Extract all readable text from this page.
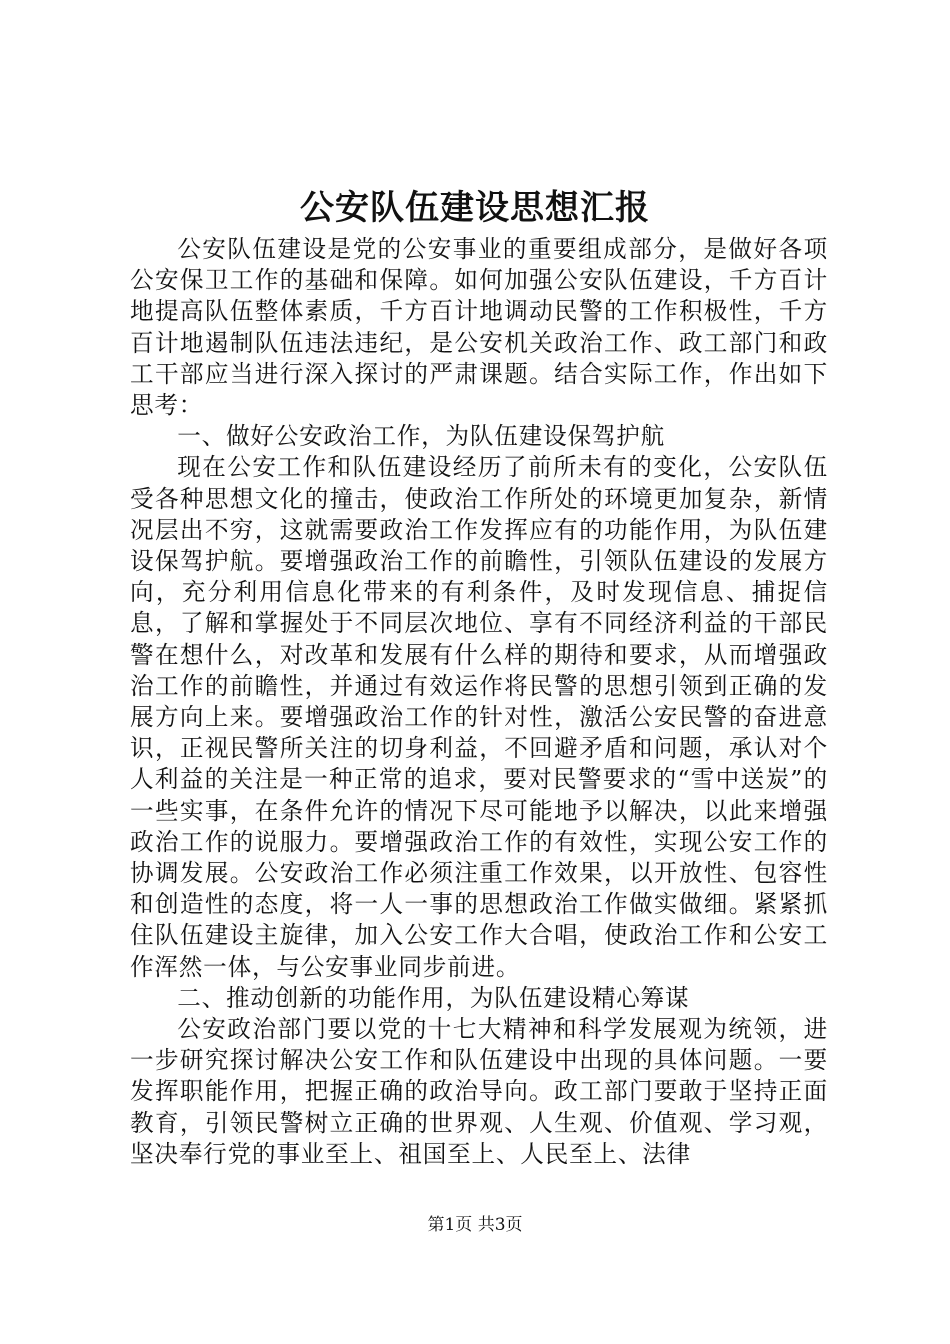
公安队伍建设思想汇报

公安队伍建设是党的公安事业的重要组成部分，是做好各项公安保卫工作的基础和保障。如何加强公安队伍建设，千方百计地提高队伍整体素质，千方百计地调动民警的工作积极性，千方百计地遏制队伍违法违纪，是公安机关政治工作、政工部门和政工干部应当进行深入探讨的严肃课题。结合实际工作，作出如下思考：

一、做好公安政治工作，为队伍建设保驾护航

现在公安工作和队伍建设经历了前所未有的变化，公安队伍受各种思想文化的撞击，使政治工作所处的环境更加复杂，新情况层出不穷，这就需要政治工作发挥应有的功能作用，为队伍建设保驾护航。要增强政治工作的前瞻性，引领队伍建设的发展方向，充分利用信息化带来的有利条件，及时发现信息、捕捉信息，了解和掌握处于不同层次地位、享有不同经济利益的干部民警在想什么，对改革和发展有什么样的期待和要求，从而增强政治工作的前瞻性，并通过有效运作将民警的思想引领到正确的发展方向上来。要增强政治工作的针对性，激活公安民警的奋进意识，正视民警所关注的切身利益，不回避矛盾和问题，承认对个人利益的关注是一种正常的追求，要对民警要求的“雪中送炭”的一些实事，在条件允许的情况下尽可能地予以解决，以此来增强政治工作的说服力。要增强政治工作的有效性，实现公安工作的协调发展。公安政治工作必须注重工作效果，以开放性、包容性和创造性的态度，将一人一事的思想政治工作做实做细。紧紧抓住队伍建设主旋律，加入公安工作大合唱，使政治工作和公安工作浑然一体，与公安事业同步前进。

二、推动创新的功能作用，为队伍建设精心筹谋

公安政治部门要以党的十七大精神和科学发展观为统领，进一步研究探讨解决公安工作和队伍建设中出现的具体问题。一要发挥职能作用，把握正确的政治导向。政工部门要敢于坚持正面教育，引领民警树立正确的世界观、人生观、价值观、学习观，坚决奉行党的事业至上、祖国至上、人民至上、法律

第1页 共3页
